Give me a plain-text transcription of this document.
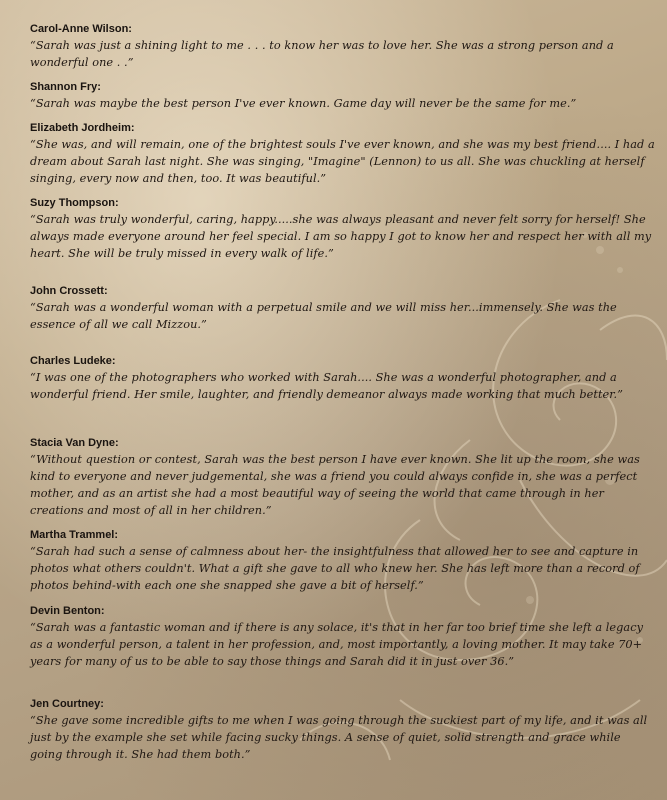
Carol-Anne Wilson:
“Sarah was just a shining light to me . . . to know her was to love her. She was a strong person and a wonderful one . .”
Shannon Fry:
“Sarah was maybe the best person I've ever known. Game day will never be the same for me.”
Elizabeth Jordheim:
“She was, and will remain, one of the brightest souls I've ever known, and she was my best friend.... I had a dream about Sarah last night. She was singing, "Imagine" (Lennon) to us all. She was chuckling at herself singing, every now and then, too. It was beautiful.”
Suzy Thompson:
“Sarah was truly wonderful, caring, happy.....she was always pleasant and never felt sorry for herself! She always made everyone around her feel special. I am so happy I got to know her and respect her with all my heart. She will be truly missed in every walk of life.”
John Crossett:
“Sarah was a wonderful woman with a perpetual smile and we will miss her...immensely. She was the essence of all we call Mizzou.”
Charles Ludeke:
“I was one of the photographers who worked with Sarah.... She was a wonderful photographer, and a wonderful friend. Her smile, laughter, and friendly demeanor always made working that much better.”
Stacia Van Dyne:
“Without question or contest, Sarah was the best person I have ever known. She lit up the room, she was kind to everyone and never judgemental, she was a friend you could always confide in, she was a perfect mother, and as an artist she had a most beautiful way of seeing the world that came through in her creations and most of all in her children.”
Martha Trammel:
“Sarah had such a sense of calmness about her- the insightfulness that allowed her to see and capture in photos what others couldn't. What a gift she gave to all who knew her. She has left more than a record of photos behind-with each one she snapped she gave a bit of herself.”
Devin Benton:
“Sarah was a fantastic woman and if there is any solace, it's that in her far too brief time she left a legacy as a wonderful person, a talent in her profession, and, most importantly, a loving mother. It may take 70+ years for many of us to be able to say those things and Sarah did it in just over 36.”
Jen Courtney:
“She gave some incredible gifts to me when I was going through the suckiest part of my life, and it was all just by the example she set while facing sucky things. A sense of quiet, solid strength and grace while going through it. She had them both.”
